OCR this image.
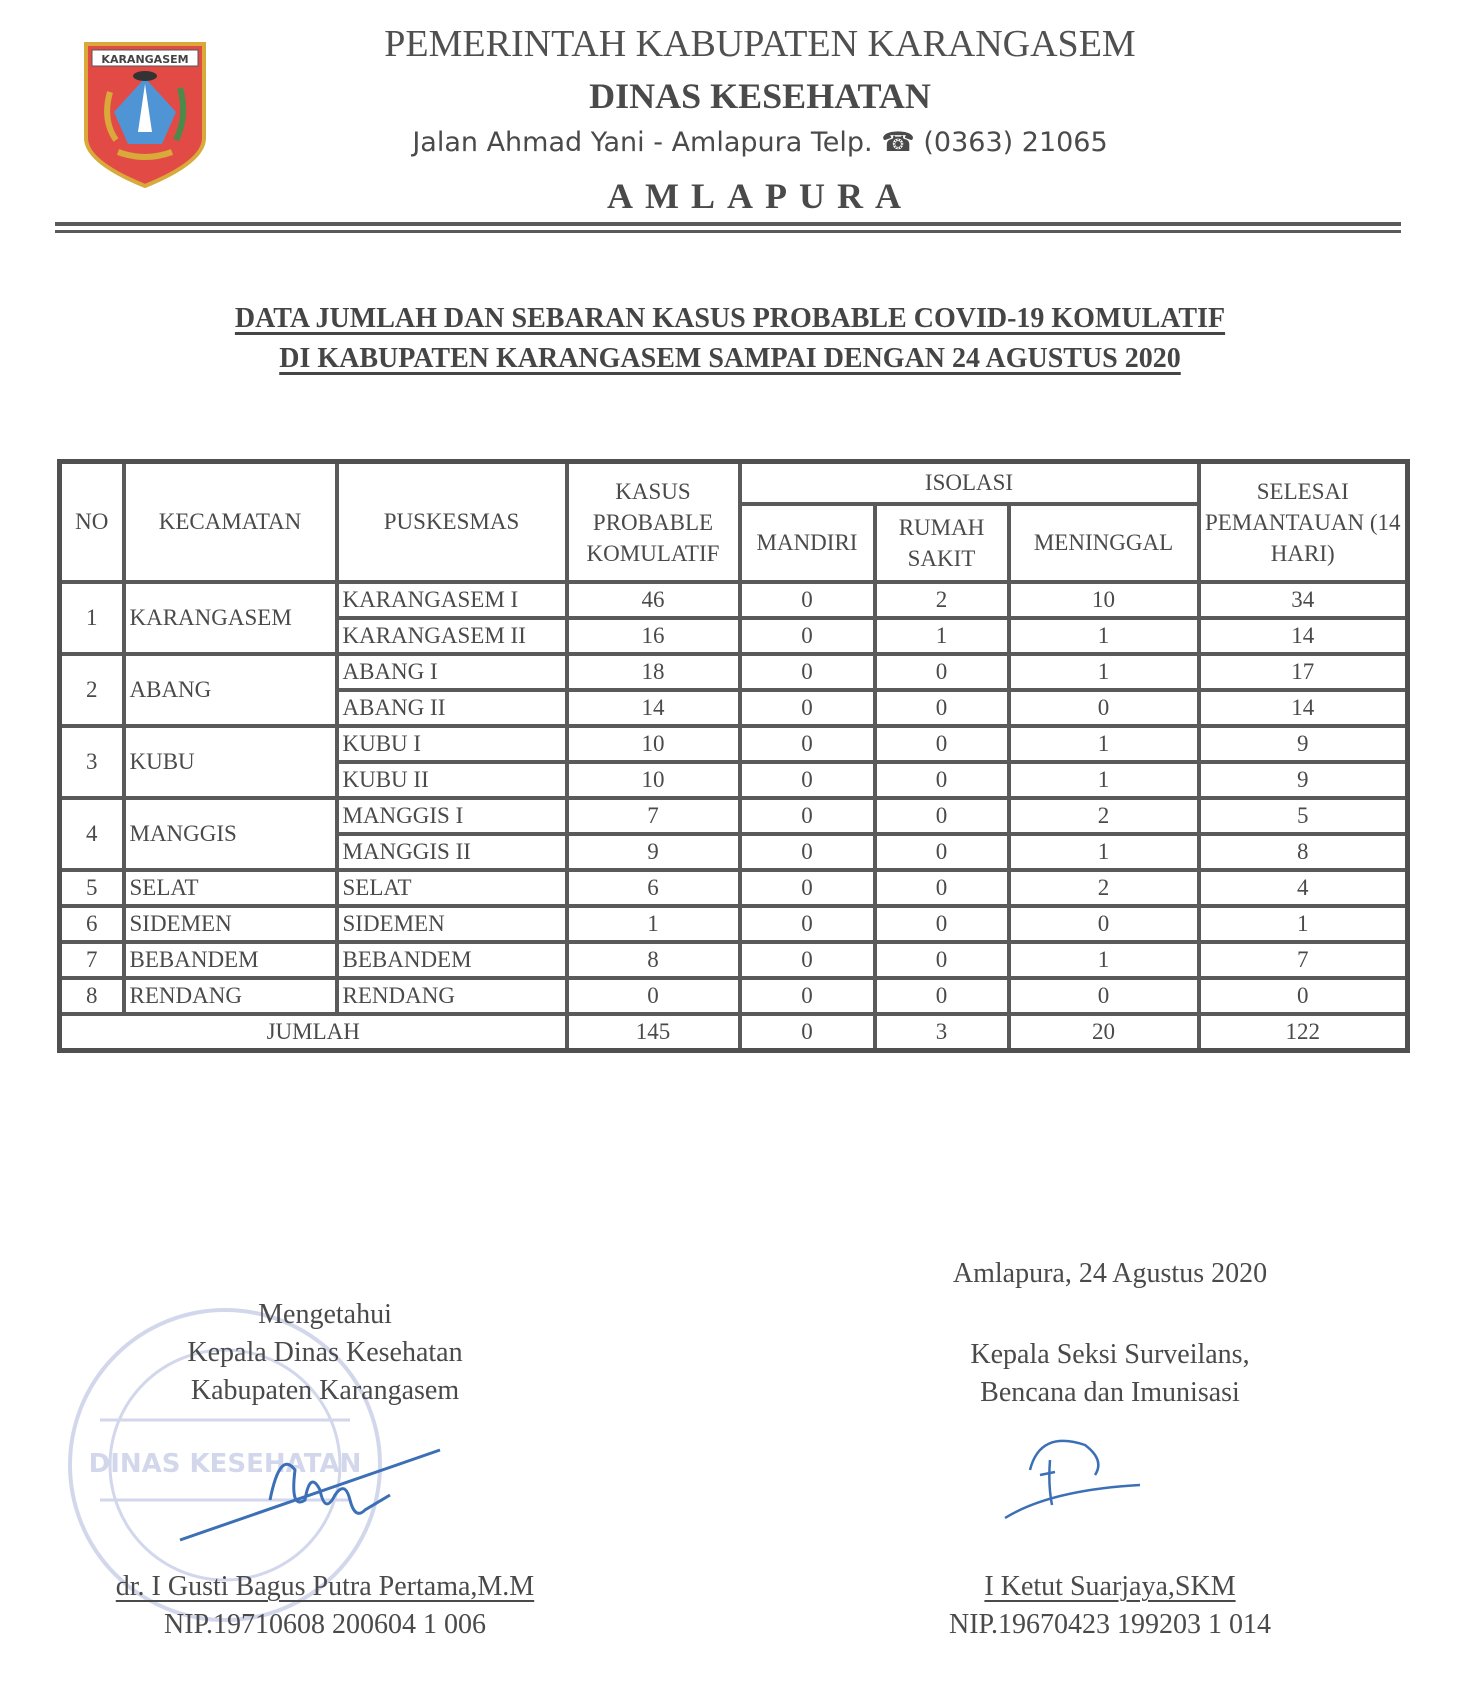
KARANGASEM	PEMERINTAH KABUPATEN KARANGASEM
DINAS KESEHATAN
Jalan Ahmad Yani - Amlapura Telp. ☎ (0363) 21065
AMLAPURA
DATA JUMLAH DAN SEBARAN KASUS PROBABLE COVID-19 KOMULATIF
DI KABUPATEN KARANGASEM SAMPAI DENGAN 24 AGUSTUS 2020
NO	KECAMATAN	PUSKESMAS	KASUS PROBABLE KOMULATIF	ISOLASI			SELESAI PEMANTAUAN (14 HARI)
				MANDIRI	RUMAH SAKIT	MENINGGAL	
1	KARANGASEM	KARANGASEM I	46	0	2	10	34
		KARANGASEM II	16	0	1	1	14
2	ABANG	ABANG I	18	0	0	1	17
		ABANG II	14	0	0	0	14
3	KUBU	KUBU I	10	0	0	1	9
		KUBU II	10	0	0	1	9
4	MANGGIS	MANGGIS I	7	0	0	2	5
		MANGGIS II	9	0	0	1	8
5	SELAT	SELAT	6	0	0	2	4
6	SIDEMEN	SIDEMEN	1	0	0	0	1
7	BEBANDEM	BEBANDEM	8	0	0	1	7
8	RENDANG	RENDANG	0	0	0	0	0
JUMLAH			145	0	3	20	122
DINAS KESEHATAN
Mengetahui
Kepala Dinas Kesehatan
Kabupaten Karangasem
dr. I Gusti Bagus Putra Pertama,M.M
NIP.19710608 200604 1 006
Amlapura, 24 Agustus 2020
Kepala Seksi Surveilans,
Bencana dan Imunisasi
I Ketut Suarjaya,SKM
NIP.19670423 199203 1 014
